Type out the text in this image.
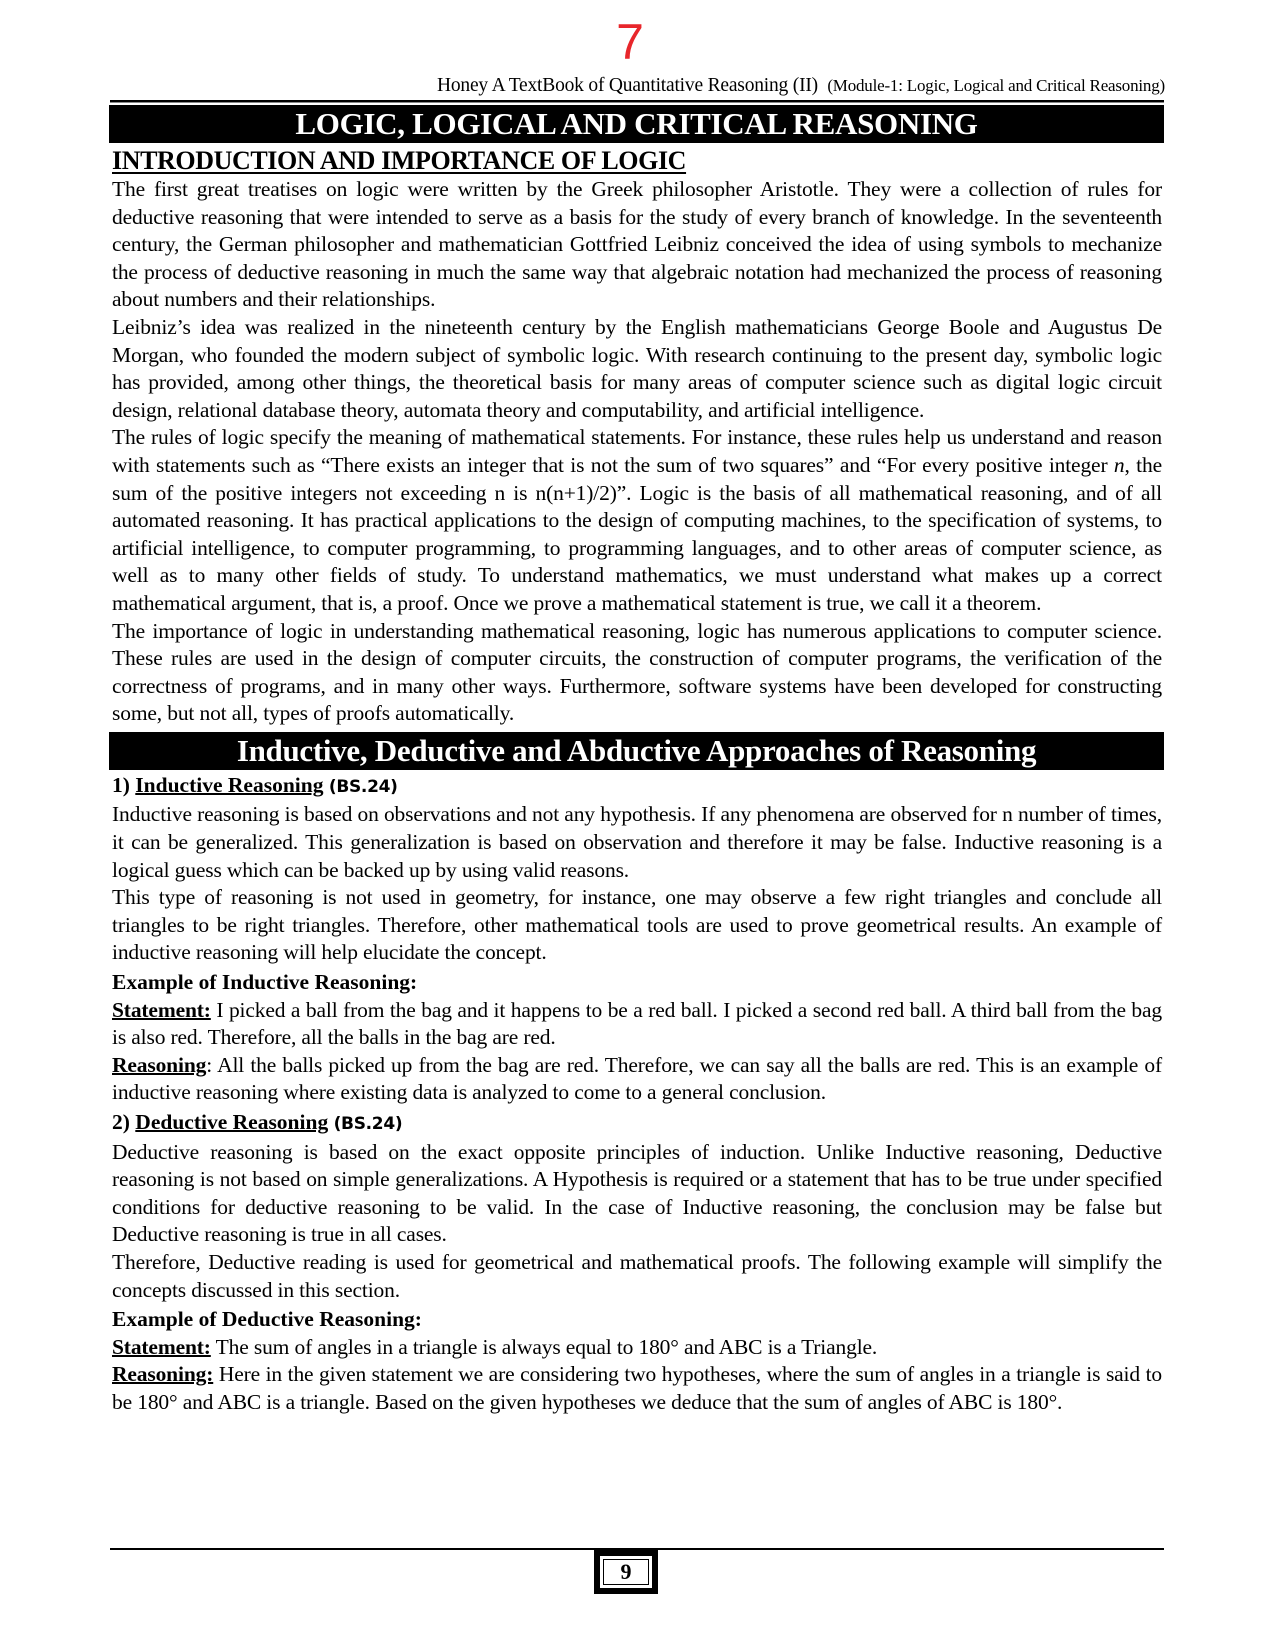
7
Honey A TextBook of Quantitative Reasoning (II) (Module-1: Logic, Logical and Critical Reasoning)
LOGIC, LOGICAL AND CRITICAL REASONING
INTRODUCTION AND IMPORTANCE OF LOGIC

The first great treatises on logic were written by the Greek philosopher Aristotle. They were a collection of rules for deductive reasoning that were intended to serve as a basis for the study of every branch of knowledge. In the seventeenth century, the German philosopher and mathematician Gottfried Leibniz conceived the idea of using symbols to mechanize the process of deductive reasoning in much the same way that algebraic notation had mechanized the process of reasoning about numbers and their relationships.

Leibniz’s idea was realized in the nineteenth century by the English mathematicians George Boole and Augustus De Morgan, who founded the modern subject of symbolic logic. With research continuing to the present day, symbolic logic has provided, among other things, the theoretical basis for many areas of computer science such as digital logic circuit design, relational database theory, automata theory and computability, and artificial intelligence.

The rules of logic specify the meaning of mathematical statements. For instance, these rules help us understand and reason with statements such as “There exists an integer that is not the sum of two squares” and “For every positive integer n, the sum of the positive integers not exceeding n is n(n+1)/2)”. Logic is the basis of all mathematical reasoning, and of all automated reasoning. It has practical applications to the design of computing machines, to the specification of systems, to artificial intelligence, to computer programming, to programming languages, and to other areas of computer science, as well as to many other fields of study. To understand mathematics, we must understand what makes up a correct mathematical argument, that is, a proof. Once we prove a mathematical statement is true, we call it a theorem.

The importance of logic in understanding mathematical reasoning, logic has numerous applications to computer science. These rules are used in the design of computer circuits, the construction of computer programs, the verification of the correctness of programs, and in many other ways. Furthermore, software systems have been developed for constructing some, but not all, types of proofs automatically.

Inductive, Deductive and Abductive Approaches of Reasoning
1) Inductive Reasoning (BS.24)

Inductive reasoning is based on observations and not any hypothesis. If any phenomena are observed for n number of times, it can be generalized. This generalization is based on observation and therefore it may be false. Inductive reasoning is a logical guess which can be backed up by using valid reasons.

This type of reasoning is not used in geometry, for instance, one may observe a few right triangles and conclude all triangles to be right triangles. Therefore, other mathematical tools are used to prove geometrical results. An example of inductive reasoning will help elucidate the concept.

Example of Inductive Reasoning:

Statement: I picked a ball from the bag and it happens to be a red ball. I picked a second red ball. A third ball from the bag is also red. Therefore, all the balls in the bag are red.

Reasoning: All the balls picked up from the bag are red. Therefore, we can say all the balls are red. This is an example of inductive reasoning where existing data is analyzed to come to a general conclusion.

2) Deductive Reasoning (BS.24)

Deductive reasoning is based on the exact opposite principles of induction. Unlike Inductive reasoning, Deductive reasoning is not based on simple generalizations. A Hypothesis is required or a statement that has to be true under specified conditions for deductive reasoning to be valid. In the case of Inductive reasoning, the conclusion may be false but Deductive reasoning is true in all cases.

Therefore, Deductive reading is used for geometrical and mathematical proofs. The following example will simplify the concepts discussed in this section.

Example of Deductive Reasoning:

Statement: The sum of angles in a triangle is always equal to 180° and ABC is a Triangle.

Reasoning: Here in the given statement we are considering two hypotheses, where the sum of angles in a triangle is said to be 180° and ABC is a triangle. Based on the given hypotheses we deduce that the sum of angles of ABC is 180°.

9
